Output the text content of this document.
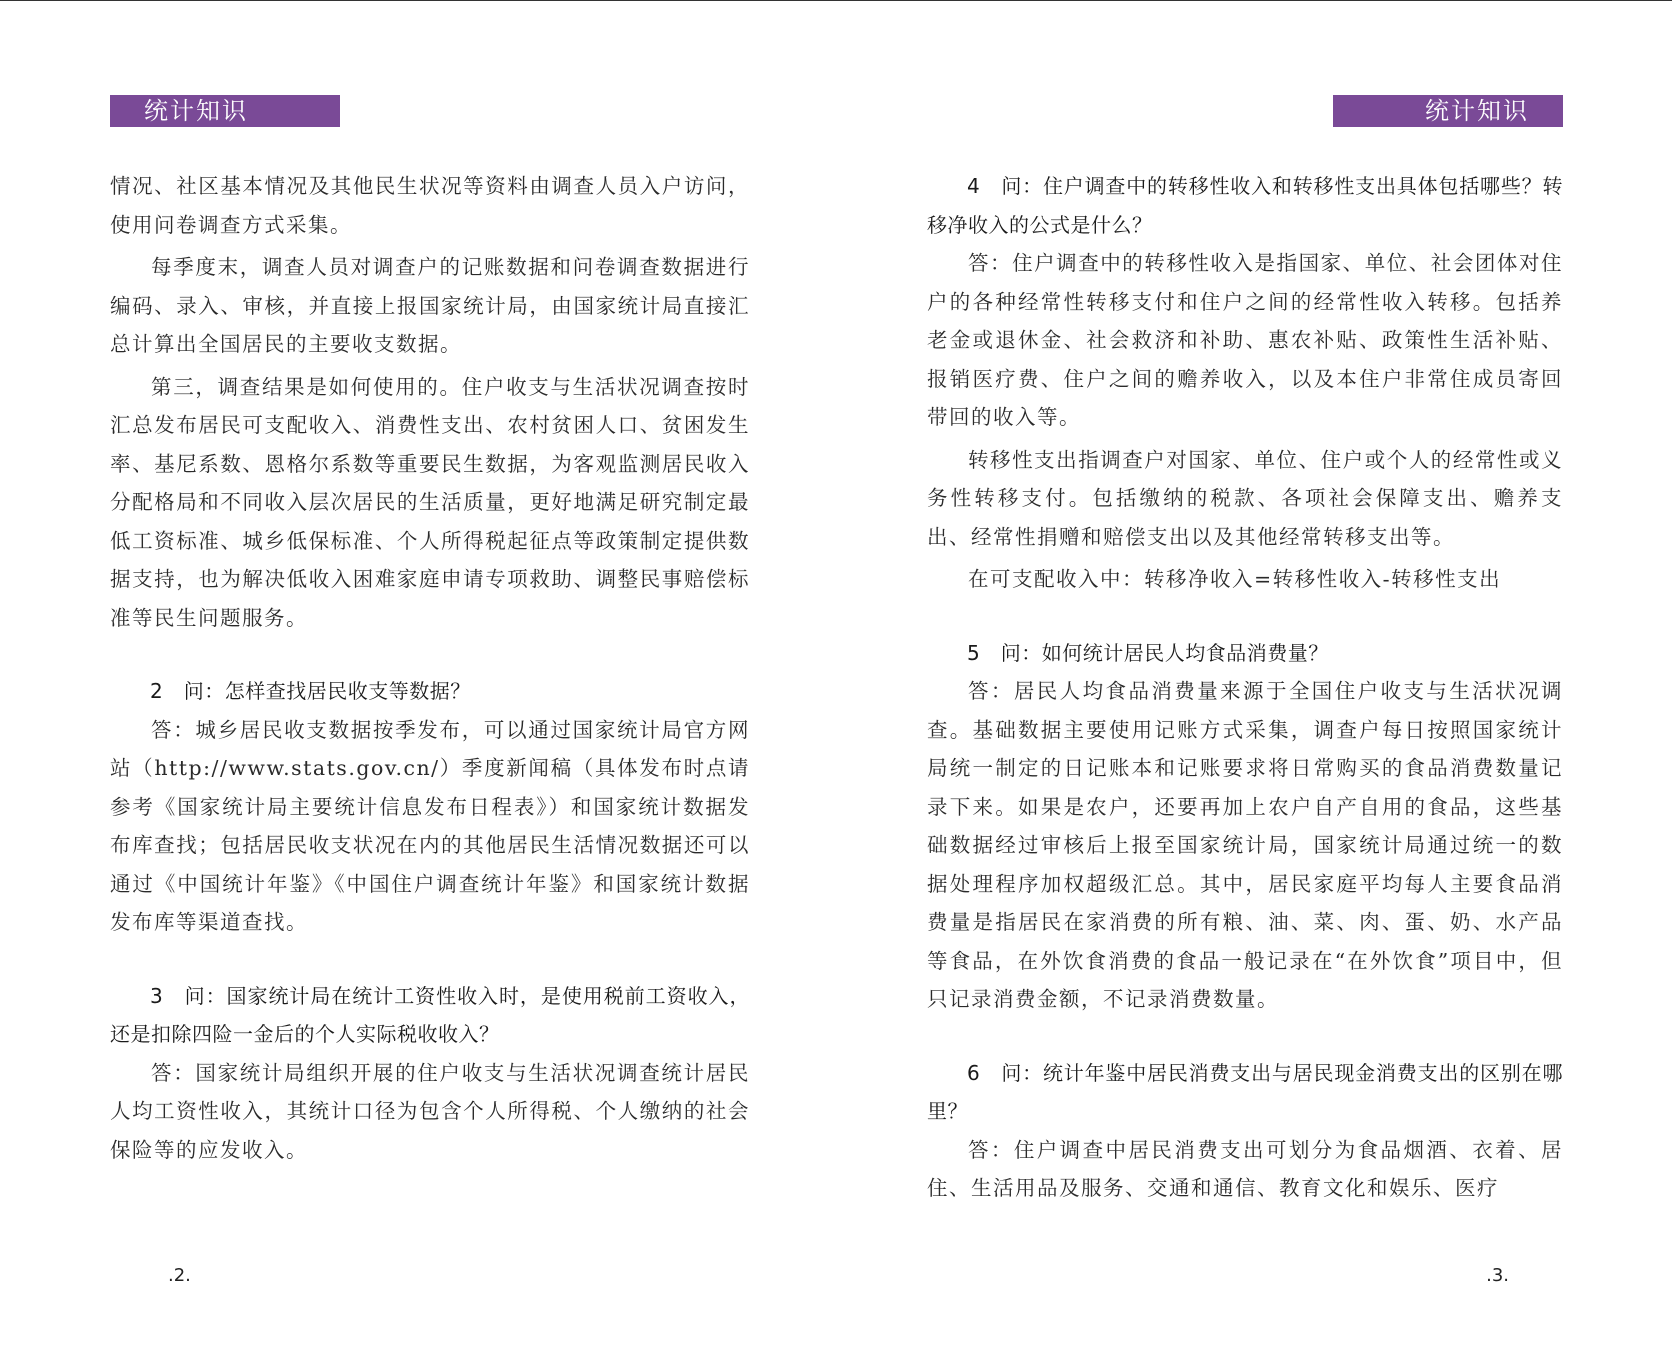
统计知识

情况、社区基本情况及其他民生状况等资料由调查人员入户访问，使用问卷调查方式采集。

每季度末，调查人员对调查户的记账数据和问卷调查数据进行编码、录入、审核，并直接上报国家统计局，由国家统计局直接汇总计算出全国居民的主要收支数据。

第三，调查结果是如何使用的。住户收支与生活状况调查按时汇总发布居民可支配收入、消费性支出、农村贫困人口、贫困发生率、基尼系数、恩格尔系数等重要民生数据，为客观监测居民收入分配格局和不同收入层次居民的生活质量，更好地满足研究制定最低工资标准、城乡低保标准、个人所得税起征点等政策制定提供数据支持，也为解决低收入困难家庭申请专项救助、调整民事赔偿标准等民生问题服务。

2　问：怎样查找居民收支等数据？

答：城乡居民收支数据按季发布，可以通过国家统计局官方网站（http://www.stats.gov.cn/）季度新闻稿（具体发布时点请参考《国家统计局主要统计信息发布日程表》）和国家统计数据发布库查找；包括居民收支状况在内的其他居民生活情况数据还可以通过《中国统计年鉴》《中国住户调查统计年鉴》和国家统计数据发布库等渠道查找。

3　问：国家统计局在统计工资性收入时，是使用税前工资收入，还是扣除四险一金后的个人实际税收收入？

答：国家统计局组织开展的住户收支与生活状况调查统计居民人均工资性收入，其统计口径为包含个人所得税、个人缴纳的社会保险等的应发收入。

.2.
统计知识

4　问：住户调查中的转移性收入和转移性支出具体包括哪些？转移净收入的公式是什么？

答：住户调查中的转移性收入是指国家、单位、社会团体对住户的各种经常性转移支付和住户之间的经常性收入转移。包括养老金或退休金、社会救济和补助、惠农补贴、政策性生活补贴、报销医疗费、住户之间的赡养收入，以及本住户非常住成员寄回带回的收入等。

转移性支出指调查户对国家、单位、住户或个人的经常性或义务性转移支付。包括缴纳的税款、各项社会保障支出、赡养支出、经常性捐赠和赔偿支出以及其他经常转移支出等。

在可支配收入中：转移净收入=转移性收入-转移性支出

5　问：如何统计居民人均食品消费量？

答：居民人均食品消费量来源于全国住户收支与生活状况调查。基础数据主要使用记账方式采集，调查户每日按照国家统计局统一制定的日记账本和记账要求将日常购买的食品消费数量记录下来。如果是农户，还要再加上农户自产自用的食品，这些基础数据经过审核后上报至国家统计局，国家统计局通过统一的数据处理程序加权超级汇总。其中，居民家庭平均每人主要食品消费量是指居民在家消费的所有粮、油、菜、肉、蛋、奶、水产品等食品，在外饮食消费的食品一般记录在“在外饮食”项目中，但只记录消费金额，不记录消费数量。

6　问：统计年鉴中居民消费支出与居民现金消费支出的区别在哪里？

答：住户调查中居民消费支出可划分为食品烟酒、衣着、居住、生活用品及服务、交通和通信、教育文化和娱乐、医疗

.3.
